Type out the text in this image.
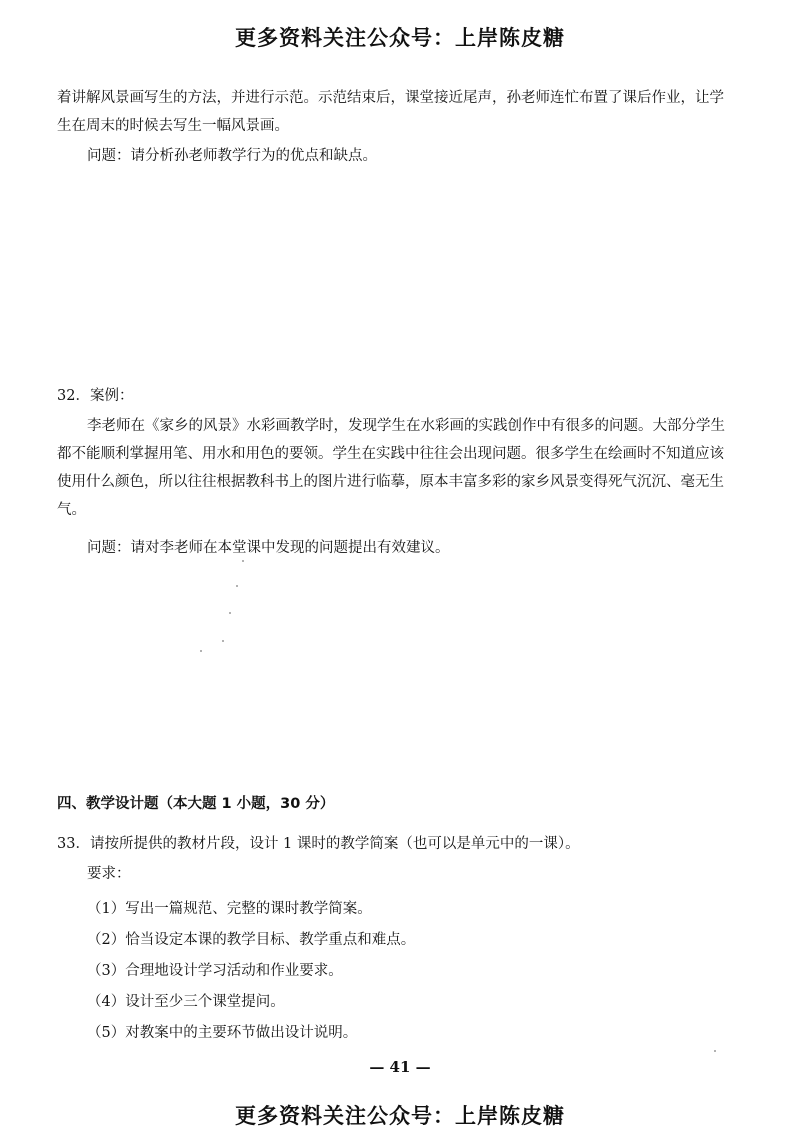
更多资料关注公众号：上岸陈皮糖

着讲解风景画写生的方法，并进行示范。示范结束后，课堂接近尾声，孙老师连忙布置了课后作业，让学生在周末的时候去写生一幅风景画。

问题：请分析孙老师教学行为的优点和缺点。
32．案例：

李老师在《家乡的风景》水彩画教学时，发现学生在水彩画的实践创作中有很多的问题。大部分学生都不能顺利掌握用笔、用水和用色的要领。学生在实践中往往会出现问题。很多学生在绘画时不知道应该使用什么颜色，所以往往根据教科书上的图片进行临摹，原本丰富多彩的家乡风景变得死气沉沉、毫无生气。

问题：请对李老师在本堂课中发现的问题提出有效建议。
四、教学设计题（本大题 1 小题，30 分）
33．请按所提供的教材片段，设计 1 课时的教学简案（也可以是单元中的一课）。
要求：
（1）写出一篇规范、完整的课时教学简案。
（2）恰当设定本课的教学目标、教学重点和难点。
（3）合理地设计学习活动和作业要求。
（4）设计至少三个课堂提问。
（5）对教案中的主要环节做出设计说明。
— 41 —
更多资料关注公众号：上岸陈皮糖
